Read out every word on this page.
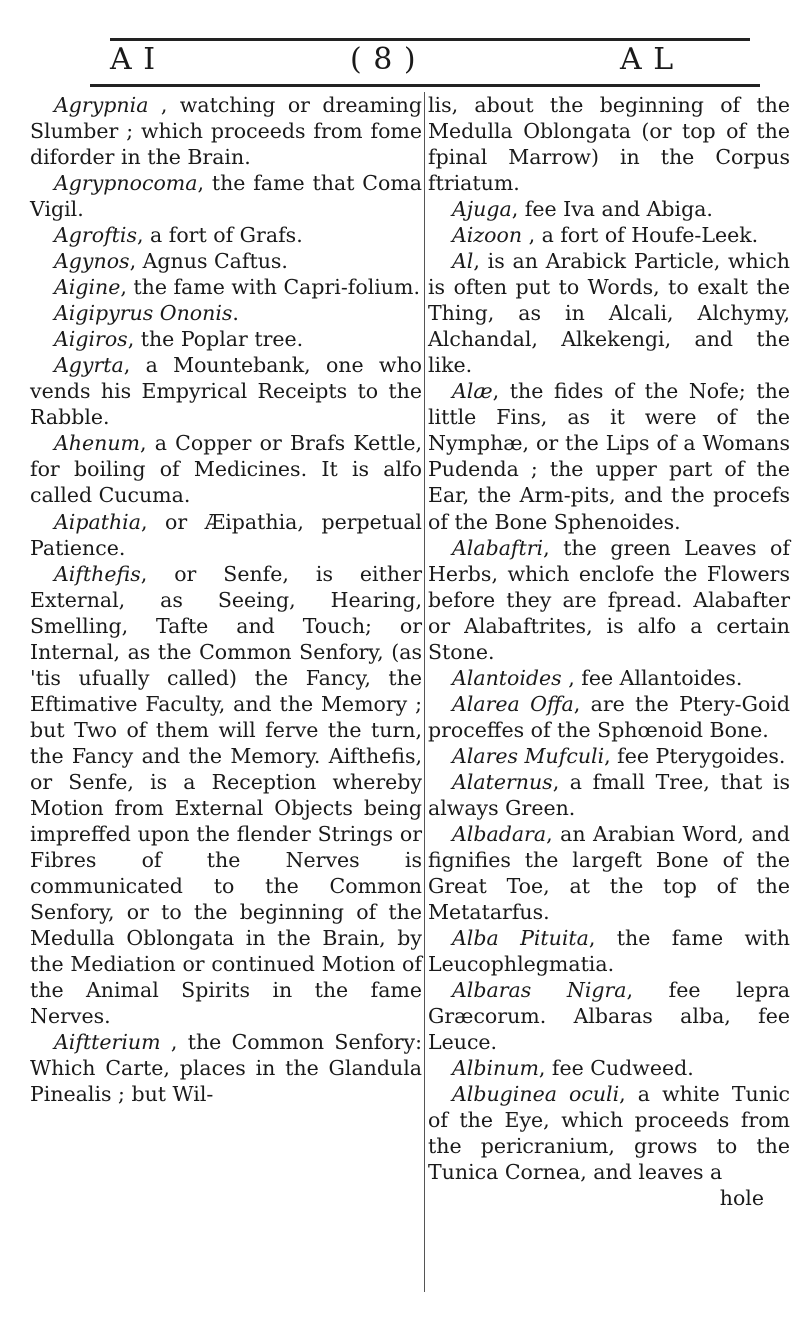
A I	( 8 )	A L

Agrypnia , watching or dreaming Slumber ; which proceeds from fome diforder in the Brain.

Agrypnocoma, the fame that Coma Vigil.

Agroftis, a fort of Grafs.

Agynos, Agnus Caftus.

Aigine, the fame with Capri-folium.

Aigipyrus Ononis.

Aigiros, the Poplar tree.

Agyrta, a Mountebank, one who vends his Empyrical Receipts to the Rabble.

Ahenum, a Copper or Brafs Kettle, for boiling of Medicines. It is alfo called Cucuma.

Aipathia, or Æipathia, perpetual Patience.

Aifthefis, or Senfe, is either External, as Seeing, Hearing, Smelling, Tafte and Touch; or Internal, as the Common Senfory, (as 'tis ufually called) the Fancy, the Eftimative Faculty, and the Memory ; but Two of them will ferve the turn, the Fancy and the Memory. Aifthefis, or Senfe, is a Reception whereby Motion from External Objects being impreffed upon the flender Strings or Fibres of the Nerves is communicated to the Common Senfory, or to the beginning of the Medulla Oblongata in the Brain, by the Mediation or continued Motion of the Animal Spirits in the fame Nerves.

Aiftterium , the Common Senfory: Which Carte, places in the Glandula Pinealis ; but Wil-

lis, about the beginning of the Medulla Oblongata (or top of the fpinal Marrow) in the Corpus ftriatum.

Ajuga, fee Iva and Abiga.

Aizoon , a fort of Houfe-Leek.

Al, is an Arabick Particle, which is often put to Words, to exalt the Thing, as in Alcali, Alchymy, Alchandal, Alkekengi, and the like.

Alæ, the fides of the Nofe; the little Fins, as it were of the Nymphæ, or the Lips of a Womans Pudenda ; the upper part of the Ear, the Arm-pits, and the procefs of the Bone Sphenoides.

Alabaftri, the green Leaves of Herbs, which enclofe the Flowers before they are fpread. Alabafter or Alabaftrites, is alfo a certain Stone.

Alantoides , fee Allantoides.

Alarea Offa, are the Ptery-Goid proceffes of the Sphœnoid Bone.

Alares Mufculi, fee Pterygoides.

Alaternus, a fmall Tree, that is always Green.

Albadara, an Arabian Word, and fignifies the largeft Bone of the Great Toe, at the top of the Metatarfus.

Alba Pituita, the fame with Leucophlegmatia.

Albaras Nigra, fee lepra Græcorum. Albaras alba, fee Leuce.

Albinum, fee Cudweed.

Albuginea oculi, a white Tunic of the Eye, which proceeds from the pericranium, grows to the Tunica Cornea, and leaves a

hole
